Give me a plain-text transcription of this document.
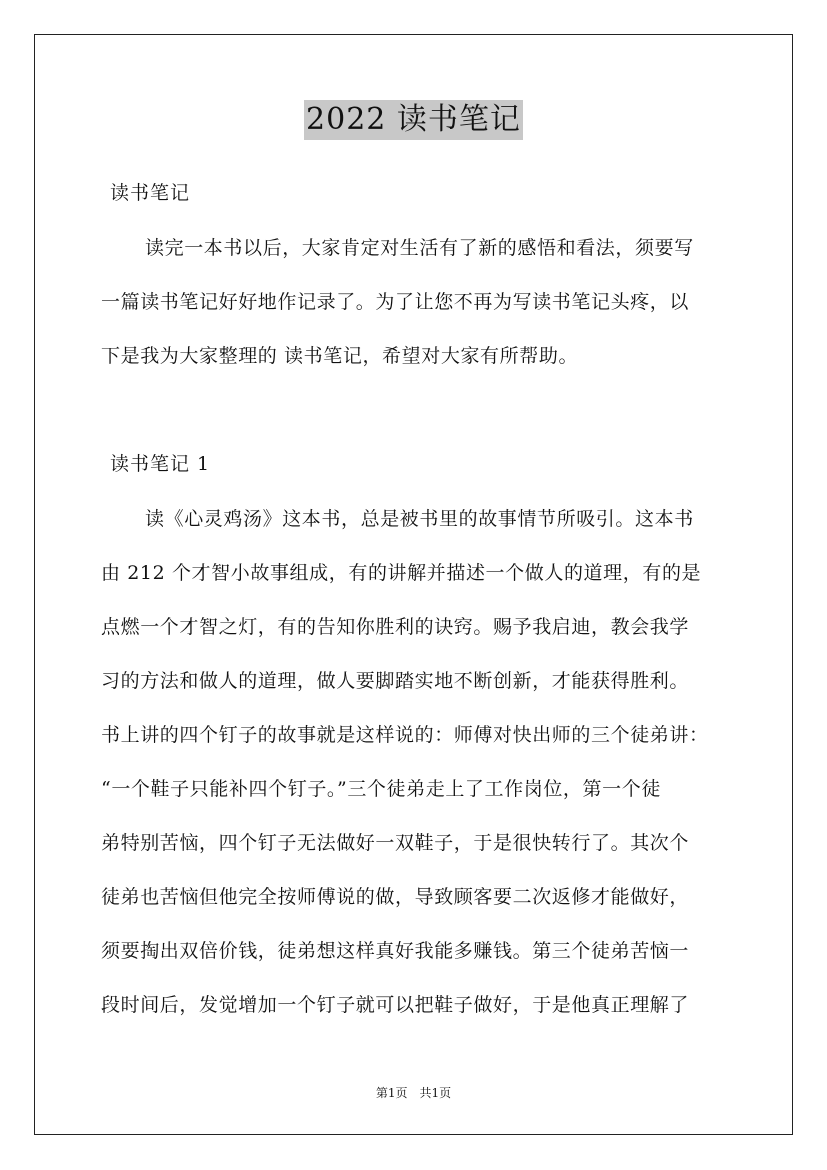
2022 读书笔记
读书笔记
读完一本书以后，大家肯定对生活有了新的感悟和看法，须要写
一篇读书笔记好好地作记录了。为了让您不再为写读书笔记头疼，以
下是我为大家整理的 读书笔记，希望对大家有所帮助。
读书笔记 1
读《心灵鸡汤》这本书，总是被书里的故事情节所吸引。这本书
由 212 个才智小故事组成，有的讲解并描述一个做人的道理，有的是
点燃一个才智之灯，有的告知你胜利的诀窍。赐予我启迪，教会我学
习的方法和做人的道理，做人要脚踏实地不断创新，才能获得胜利。
书上讲的四个钉子的故事就是这样说的：师傅对快出师的三个徒弟讲：
“一个鞋子只能补四个钉子。”三个徒弟走上了工作岗位，第一个徒
弟特别苦恼，四个钉子无法做好一双鞋子，于是很快转行了。其次个
徒弟也苦恼但他完全按师傅说的做，导致顾客要二次返修才能做好，
须要掏出双倍价钱，徒弟想这样真好我能多赚钱。第三个徒弟苦恼一
段时间后，发觉增加一个钉子就可以把鞋子做好，于是他真正理解了
第1页　共1页
